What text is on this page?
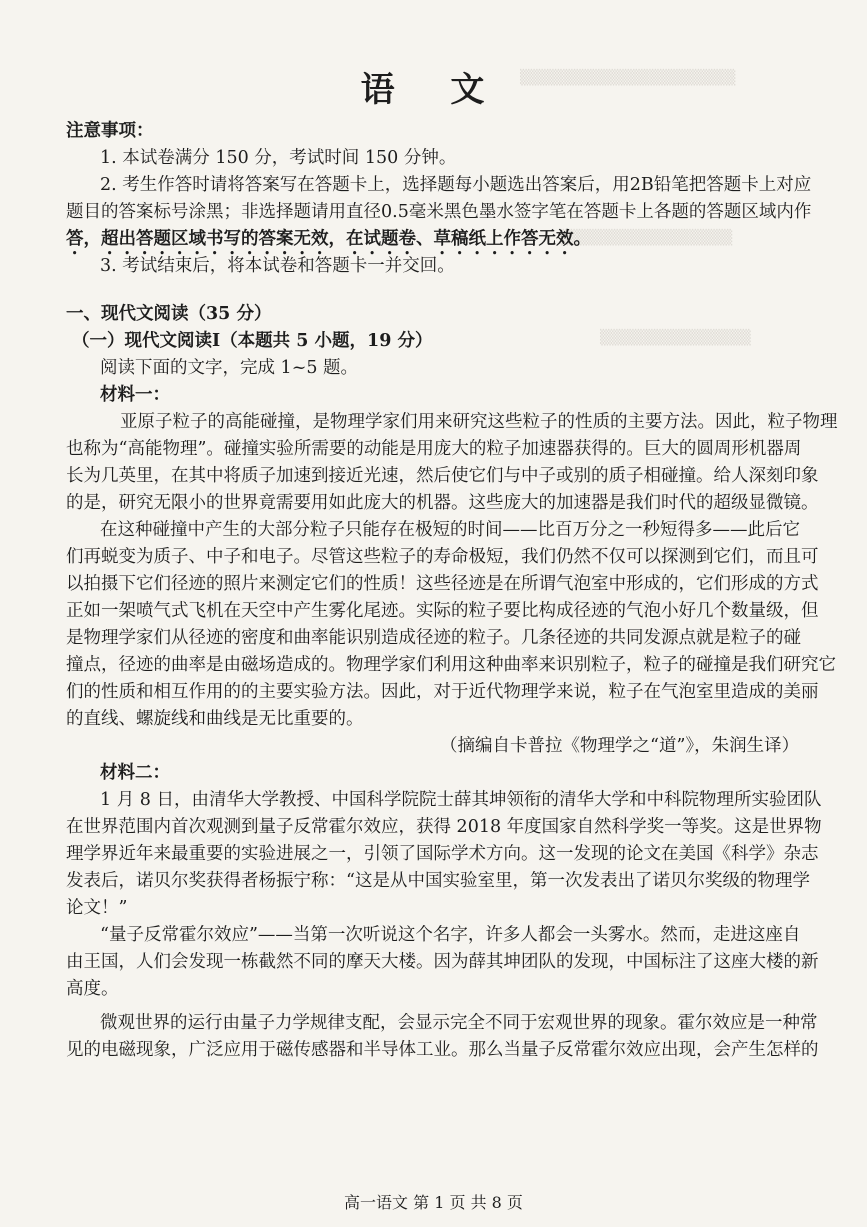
▒▒▒▒▒▒▒▒▒▒▒▒▒▒▒▒▒▒▒▒
▒▒▒▒▒▒▒▒▒▒▒▒▒▒▒▒
▒▒▒▒▒▒▒▒▒▒▒▒▒▒
语 文
注意事项：
1. 本试卷满分 150 分，考试时间 150 分钟。
2. 考生作答时请将答案写在答题卡上，选择题每小题选出答案后，用2B铅笔把答题卡上对应
题目的答案标号涂黑；非选择题请用直径0.5毫米黑色墨水签字笔在答题卡上各题的答题区域内作
答，超出答题区域书写的答案无效，在试题卷、草稿纸上作答无效。
3. 考试结束后，将本试卷和答题卡一并交回。
一、现代文阅读（35 分）
（一）现代文阅读Ⅰ（本题共 5 小题，19 分）
阅读下面的文字，完成 1~5 题。
材料一：
亚原子粒子的高能碰撞，是物理学家们用来研究这些粒子的性质的主要方法。因此，粒子物理
也称为“高能物理”。碰撞实验所需要的动能是用庞大的粒子加速器获得的。巨大的圆周形机器周
长为几英里，在其中将质子加速到接近光速，然后使它们与中子或别的质子相碰撞。给人深刻印象
的是，研究无限小的世界竟需要用如此庞大的机器。这些庞大的加速器是我们时代的超级显微镜。
在这种碰撞中产生的大部分粒子只能存在极短的时间——比百万分之一秒短得多——此后它
们再蜕变为质子、中子和电子。尽管这些粒子的寿命极短，我们仍然不仅可以探测到它们，而且可
以拍摄下它们径迹的照片来测定它们的性质！这些径迹是在所谓气泡室中形成的，它们形成的方式
正如一架喷气式飞机在天空中产生雾化尾迹。实际的粒子要比构成径迹的气泡小好几个数量级，但
是物理学家们从径迹的密度和曲率能识别造成径迹的粒子。几条径迹的共同发源点就是粒子的碰
撞点，径迹的曲率是由磁场造成的。物理学家们利用这种曲率来识别粒子，粒子的碰撞是我们研究它
们的性质和相互作用的的主要实验方法。因此，对于近代物理学来说，粒子在气泡室里造成的美丽
的直线、螺旋线和曲线是无比重要的。
（摘编自卡普拉《物理学之“道”》，朱润生译）
材料二：
1 月 8 日，由清华大学教授、中国科学院院士薛其坤领衔的清华大学和中科院物理所实验团队
在世界范围内首次观测到量子反常霍尔效应，获得 2018 年度国家自然科学奖一等奖。这是世界物
理学界近年来最重要的实验进展之一，引领了国际学术方向。这一发现的论文在美国《科学》杂志
发表后，诺贝尔奖获得者杨振宁称：“这是从中国实验室里，第一次发表出了诺贝尔奖级的物理学
论文！”
“量子反常霍尔效应”——当第一次听说这个名字，许多人都会一头雾水。然而，走进这座自
由王国，人们会发现一栋截然不同的摩天大楼。因为薛其坤团队的发现，中国标注了这座大楼的新
高度。
微观世界的运行由量子力学规律支配，会显示完全不同于宏观世界的现象。霍尔效应是一种常
见的电磁现象，广泛应用于磁传感器和半导体工业。那么当量子反常霍尔效应出现，会产生怎样的
高一语文 第 1 页 共 8 页
